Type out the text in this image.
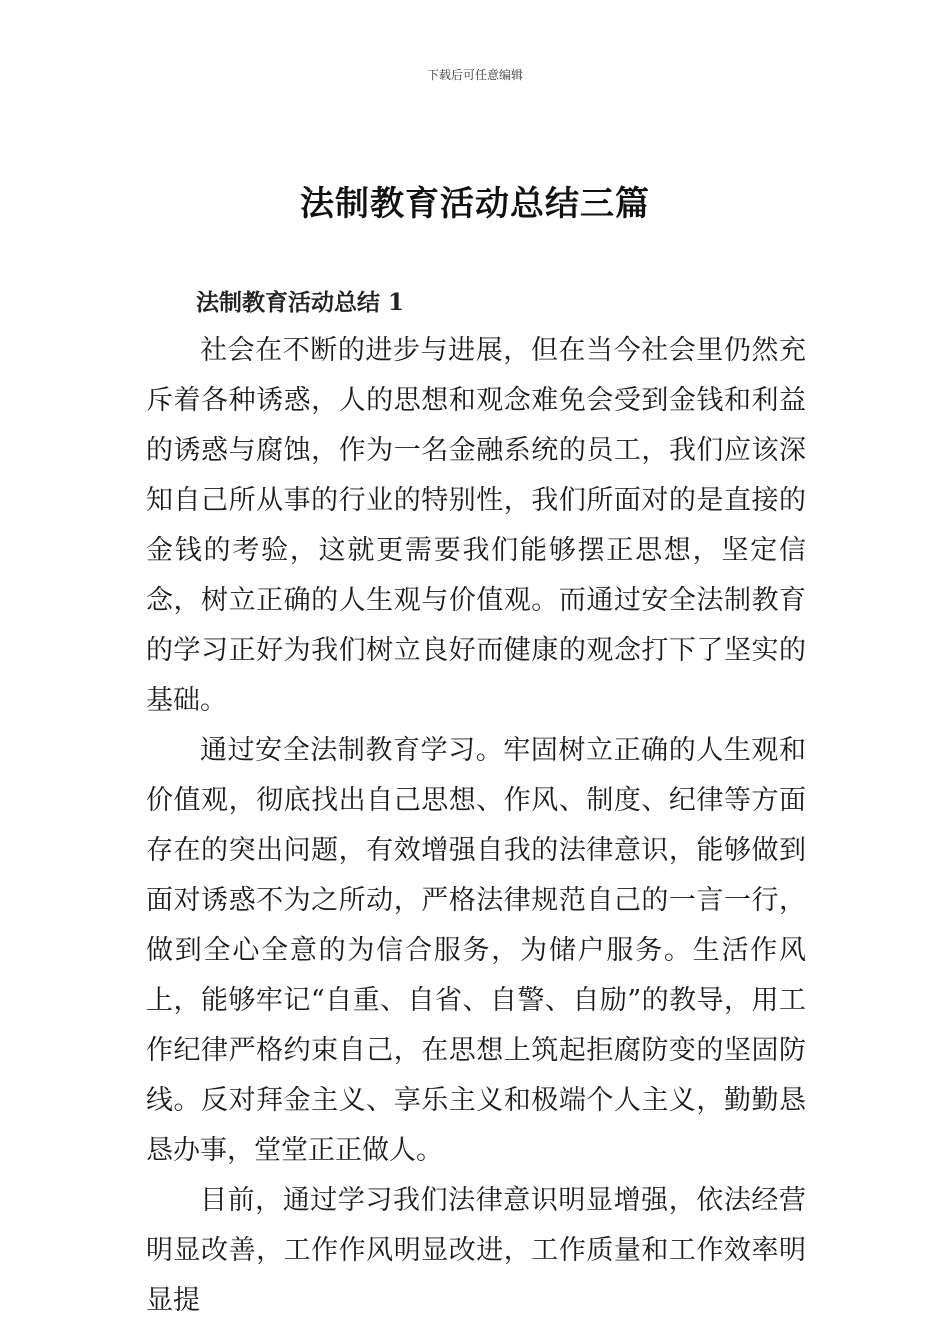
下载后可任意编辑
法制教育活动总结三篇
法制教育活动总结 1

社会在不断的进步与进展，但在当今社会里仍然充斥着各种诱惑，人的思想和观念难免会受到金钱和利益的诱惑与腐蚀，作为一名金融系统的员工，我们应该深知自己所从事的行业的特别性，我们所面对的是直接的金钱的考验，这就更需要我们能够摆正思想，坚定信念，树立正确的人生观与价值观。而通过安全法制教育的学习正好为我们树立良好而健康的观念打下了坚实的基础。

通过安全法制教育学习。牢固树立正确的人生观和价值观，彻底找出自己思想、作风、制度、纪律等方面存在的突出问题，有效增强自我的法律意识，能够做到面对诱惑不为之所动，严格法律规范自己的一言一行，做到全心全意的为信合服务，为储户服务。生活作风上，能够牢记“自重、自省、自警、自励”的教导，用工作纪律严格约束自己，在思想上筑起拒腐防变的坚固防线。反对拜金主义、享乐主义和极端个人主义，勤勤恳恳办事，堂堂正正做人。

目前，通过学习我们法律意识明显增强，依法经营明显改善，工作作风明显改进，工作质量和工作效率明显提
